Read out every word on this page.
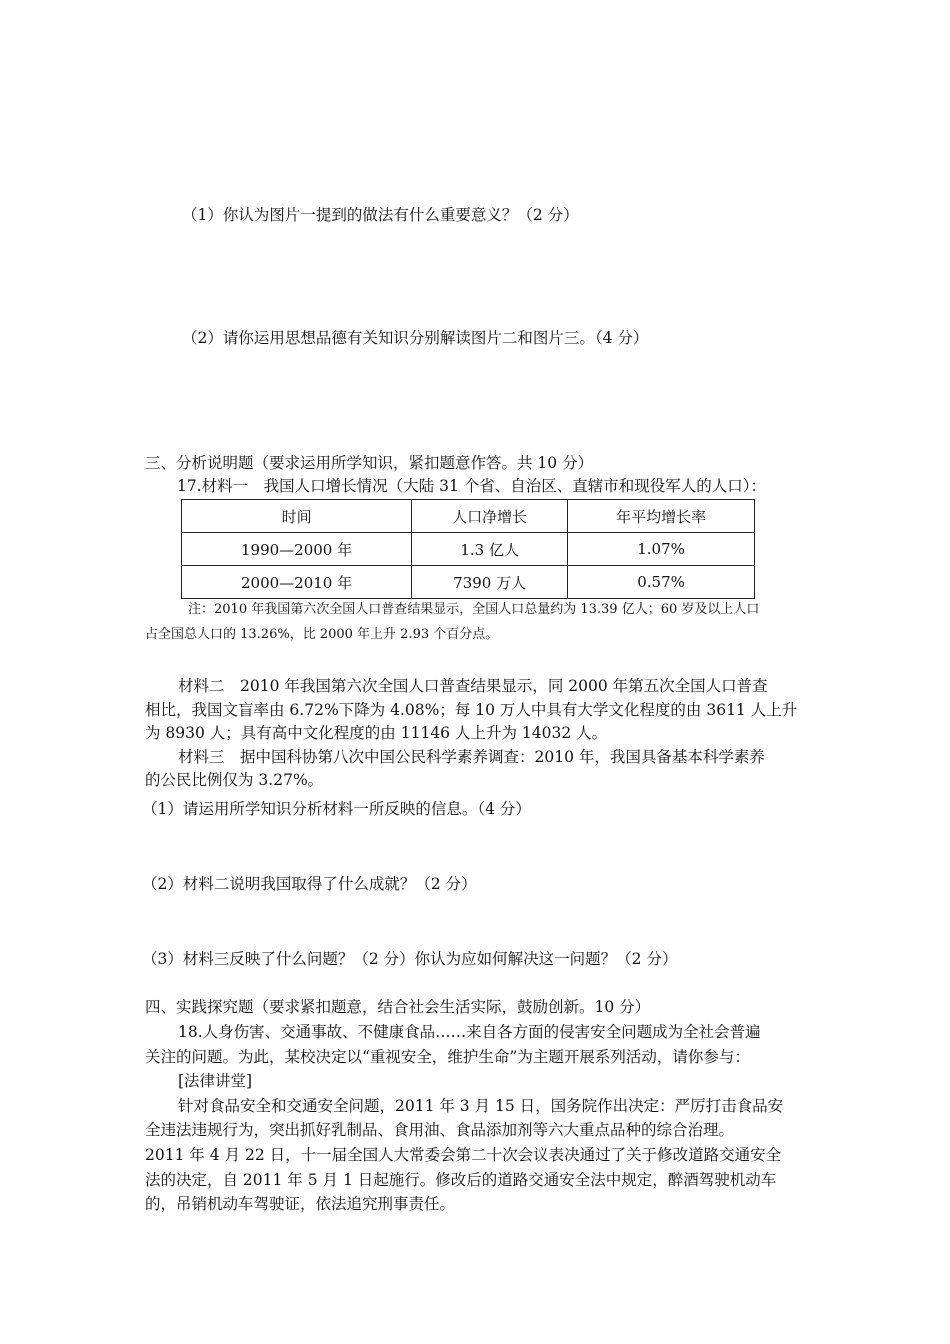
（1）你认为图片一提到的做法有什么重要意义？（2 分）
（2）请你运用思想品德有关知识分别解读图片二和图片三。（4 分）
三、分析说明题（要求运用所学知识，紧扣题意作答。共 10 分）
17.材料一　我国人口增长情况（大陆 31 个省、自治区、直辖市和现役军人的人口）：
时间	人口净增长	年平均增长率
1990—2000 年	1.3 亿人	1.07%
2000—2010 年	7390 万人	0.57%
注：2010 年我国第六次全国人口普查结果显示，全国人口总量约为 13.39 亿人；60 岁及以上人口
占全国总人口的 13.26%，比 2000 年上升 2.93 个百分点。
材料二　2010 年我国第六次全国人口普查结果显示，同 2000 年第五次全国人口普查
相比，我国文盲率由 6.72%下降为 4.08%；每 10 万人中具有大学文化程度的由 3611 人上升
为 8930 人；具有高中文化程度的由 11146 人上升为 14032 人。
材料三　据中国科协第八次中国公民科学素养调查：2010 年，我国具备基本科学素养
的公民比例仅为 3.27%。
（1）请运用所学知识分析材料一所反映的信息。（4 分）
（2）材料二说明我国取得了什么成就？（2 分）
（3）材料三反映了什么问题？（2 分）你认为应如何解决这一问题？（2 分）
四、实践探究题（要求紧扣题意，结合社会生活实际，鼓励创新。10 分）
18.人身伤害、交通事故、不健康食品……来自各方面的侵害安全问题成为全社会普遍
关注的问题。为此，某校决定以“重视安全，维护生命”为主题开展系列活动，请你参与：
[法律讲堂]
针对食品安全和交通安全问题，2011 年 3 月 15 日，国务院作出决定：严厉打击食品安
全违法违规行为，突出抓好乳制品、食用油、食品添加剂等六大重点品种的综合治理。
2011 年 4 月 22 日，十一届全国人大常委会第二十次会议表决通过了关于修改道路交通安全
法的决定，自 2011 年 5 月 1 日起施行。修改后的道路交通安全法中规定，醉酒驾驶机动车
的，吊销机动车驾驶证，依法追究刑事责任。
